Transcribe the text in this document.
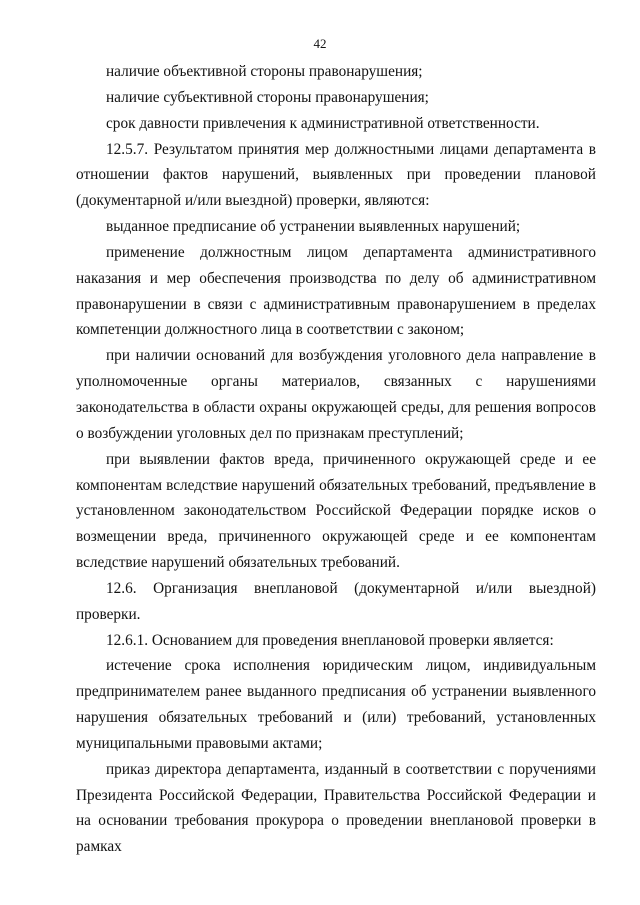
42

наличие объективной стороны правонарушения;

наличие субъективной стороны правонарушения;

срок давности привлечения к административной ответственности.

12.5.7. Результатом принятия мер должностными лицами департамента в отношении фактов нарушений, выявленных при проведении плановой (документарной и/или выездной) проверки, являются:

выданное предписание об устранении выявленных нарушений;

применение должностным лицом департамента административного наказания и мер обеспечения производства по делу об административном правонарушении в связи с административным правонарушением в пределах компетенции должностного лица в соответствии с законом;

при наличии оснований для возбуждения уголовного дела направление в уполномоченные органы материалов, связанных с нарушениями законодательства в области охраны окружающей среды, для решения вопросов о возбуждении уголовных дел по признакам преступлений;

при выявлении фактов вреда, причиненного окружающей среде и ее компонентам вследствие нарушений обязательных требований, предъявление в установленном законодательством Российской Федерации порядке исков о возмещении вреда, причиненного окружающей среде и ее компонентам вследствие нарушений обязательных требований.

12.6. Организация внеплановой (документарной и/или выездной) проверки.

12.6.1. Основанием для проведения внеплановой проверки является:

истечение срока исполнения юридическим лицом, индивидуальным предпринимателем ранее выданного предписания об устранении выявленного нарушения обязательных требований и (или) требований, установленных муниципальными правовыми актами;

приказ директора департамента, изданный в соответствии с поручениями Президента Российской Федерации, Правительства Российской Федерации и на основании требования прокурора о проведении внеплановой проверки в рамках
